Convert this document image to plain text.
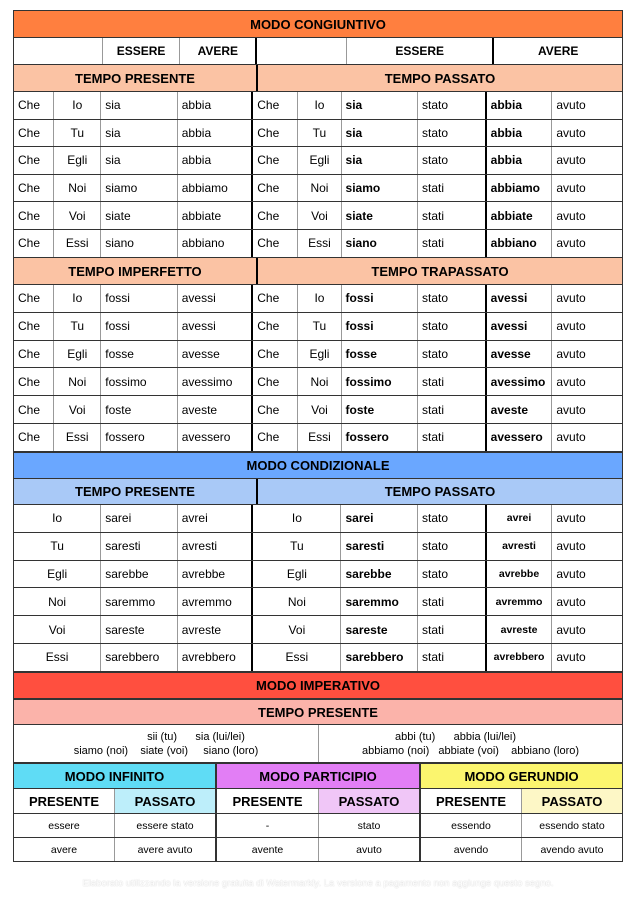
MODO CONGIUNTIVO
ESSERE	AVERE	ESSERE	AVERE
TEMPO PRESENTE	TEMPO PASSATO
Che	Io	sia	abbia	Che	Io	sia	stato	abbia	avuto
Che	Tu	sia	abbia	Che	Tu	sia	stato	abbia	avuto
Che	Egli	sia	abbia	Che	Egli	sia	stato	abbia	avuto
Che	Noi	siamo	abbiamo	Che	Noi	siamo	stati	abbiamo	avuto
Che	Voi	siate	abbiate	Che	Voi	siate	stati	abbiate	avuto
Che	Essi	siano	abbiano	Che	Essi	siano	stati	abbiano	avuto
TEMPO IMPERFETTO	TEMPO TRAPASSATO
Che	Io	fossi	avessi	Che	Io	fossi	stato	avessi	avuto
Che	Tu	fossi	avessi	Che	Tu	fossi	stato	avessi	avuto
Che	Egli	fosse	avesse	Che	Egli	fosse	stato	avesse	avuto
Che	Noi	fossimo	avessimo	Che	Noi	fossimo	stati	avessimo avuto
Che	Voi	foste	aveste	Che	Voi	foste	stati	aveste	avuto
Che	Essi	fossero	avessero	Che	Essi	fossero	stati	avessero	avuto
MODO CONDIZIONALE
TEMPO PRESENTE	TEMPO PASSATO
Io	sarei	avrei	Io	sarei	stato	avrei	avuto
Tu	saresti	avresti	Tu	saresti	stato	avresti	avuto
Egli	sarebbe	avrebbe	Egli	sarebbe	stato	avrebbe	avuto
Noi	saremmo	avremmo	Noi	saremmo	stati	avremmo	avuto
Voi	sareste	avreste	Voi	sareste	stati	avreste	avuto
Essi	sarebbero	avrebbero	Essi	sarebbero	stati	avrebbero avuto
MODO IMPERATIVO
TEMPO PRESENTE
sii (tu)      sia (lui/lei)
siamo (noi)    siate (voi)     siano (loro)
abbi (tu)      abbia (lui/lei)
abbiamo (noi)   abbiate (voi)    abbiano (loro)
MODO INFINITO
PRESENTE	PASSATO
essere	essere stato
avere	avere avuto
MODO PARTICIPIO
PRESENTE	PASSATO
-	stato
avente	avuto
MODO GERUNDIO
PRESENTE	PASSATO
essendo	essendo stato
avendo	avendo avuto
Elaborato utilizzando la versione gratuita di Watermarkly. La versione a pagamento non aggiunge questo segno.
